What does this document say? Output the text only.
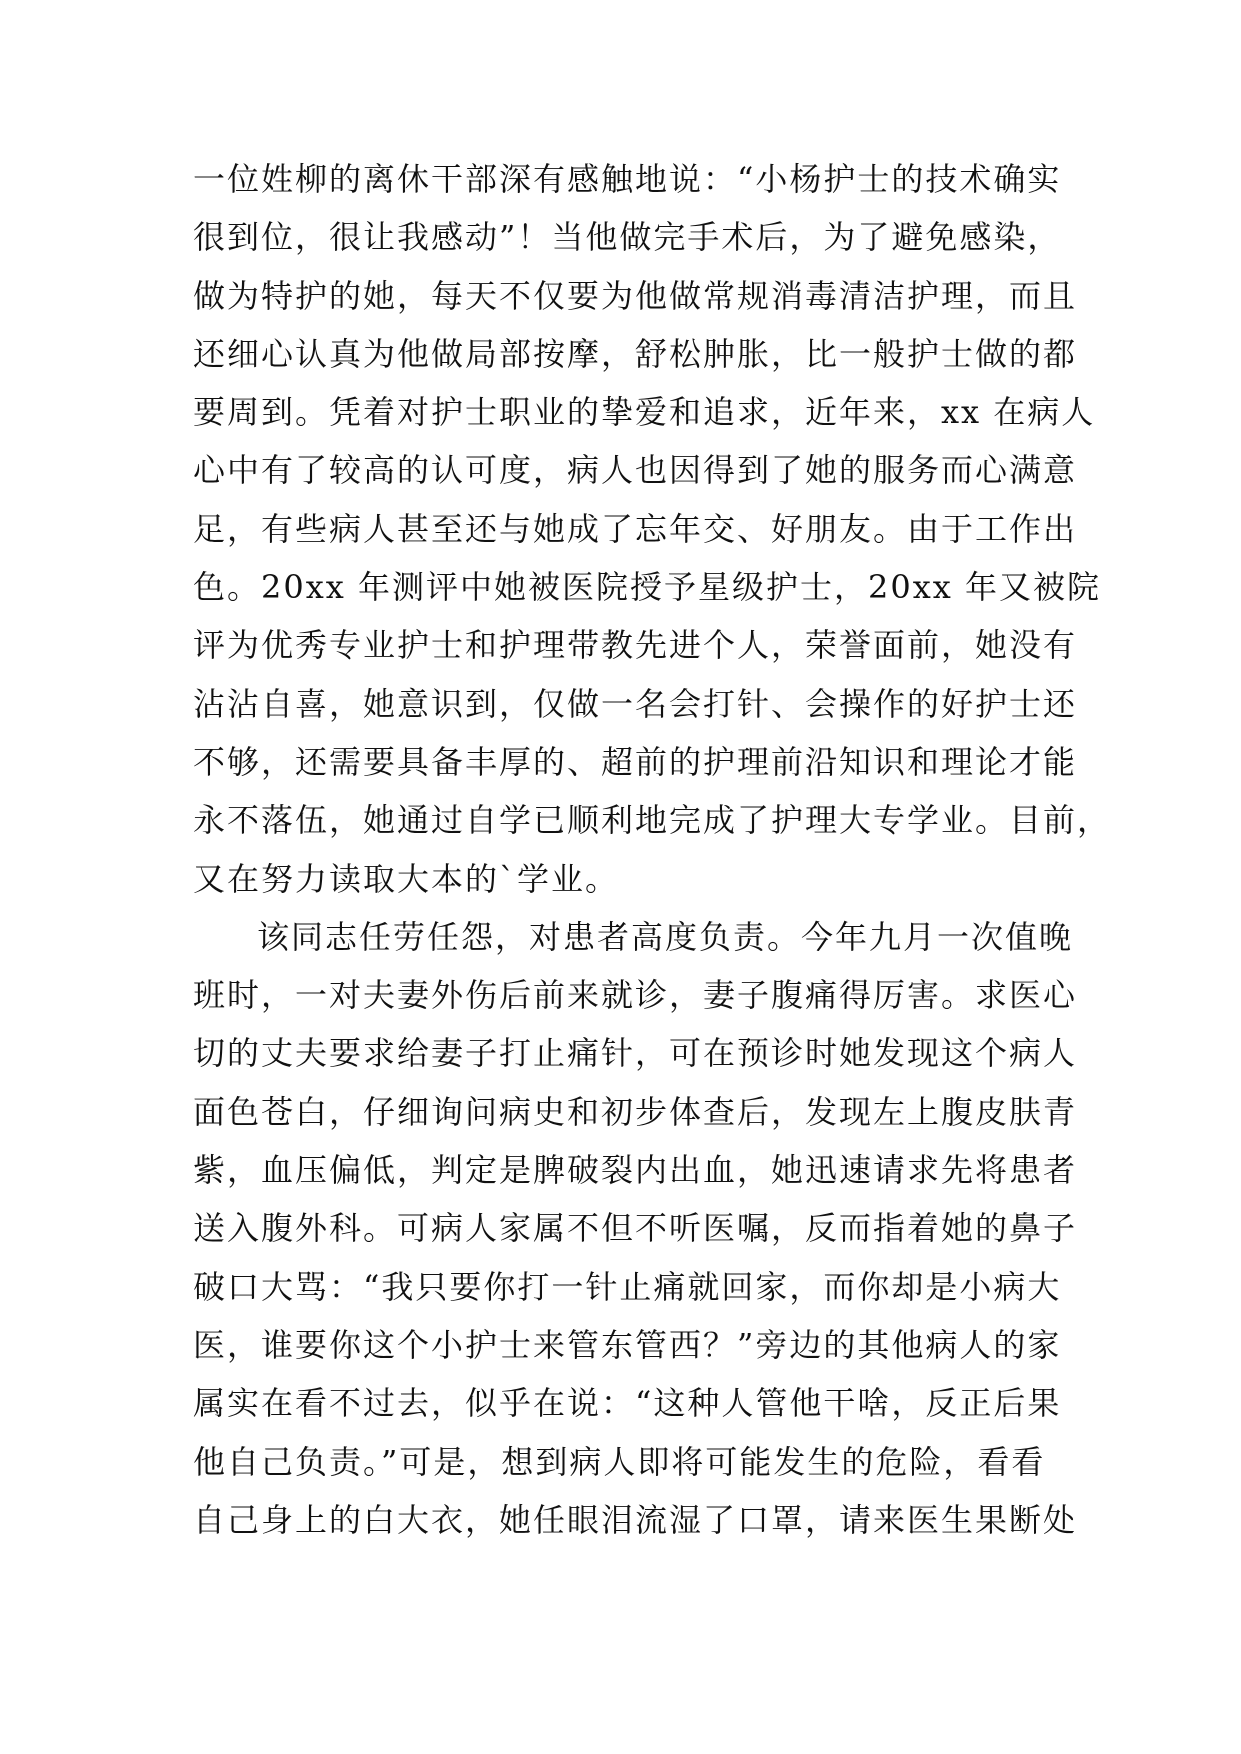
一位姓柳的离休干部深有感触地说：“小杨护士的技术确实
很到位，很让我感动”！当他做完手术后，为了避免感染，
做为特护的她，每天不仅要为他做常规消毒清洁护理，而且
还细心认真为他做局部按摩，舒松肿胀，比一般护士做的都
要周到。凭着对护士职业的挚爱和追求，近年来，xx 在病人
心中有了较高的认可度，病人也因得到了她的服务而心满意
足，有些病人甚至还与她成了忘年交、好朋友。由于工作出
色。20xx 年测评中她被医院授予星级护士，20xx 年又被院
评为优秀专业护士和护理带教先进个人，荣誉面前，她没有
沾沾自喜，她意识到，仅做一名会打针、会操作的好护士还
不够，还需要具备丰厚的、超前的护理前沿知识和理论才能
永不落伍，她通过自学已顺利地完成了护理大专学业。目前，
又在努力读取大本的`学业。
该同志任劳任怨，对患者高度负责。今年九月一次值晚
班时，一对夫妻外伤后前来就诊，妻子腹痛得厉害。求医心
切的丈夫要求给妻子打止痛针，可在预诊时她发现这个病人
面色苍白，仔细询问病史和初步体查后，发现左上腹皮肤青
紫，血压偏低，判定是脾破裂内出血，她迅速请求先将患者
送入腹外科。可病人家属不但不听医嘱，反而指着她的鼻子
破口大骂：“我只要你打一针止痛就回家，而你却是小病大
医，谁要你这个小护士来管东管西？”旁边的其他病人的家
属实在看不过去，似乎在说：“这种人管他干啥，反正后果
他自己负责。”可是，想到病人即将可能发生的危险，看看
自己身上的白大衣，她任眼泪流湿了口罩，请来医生果断处
